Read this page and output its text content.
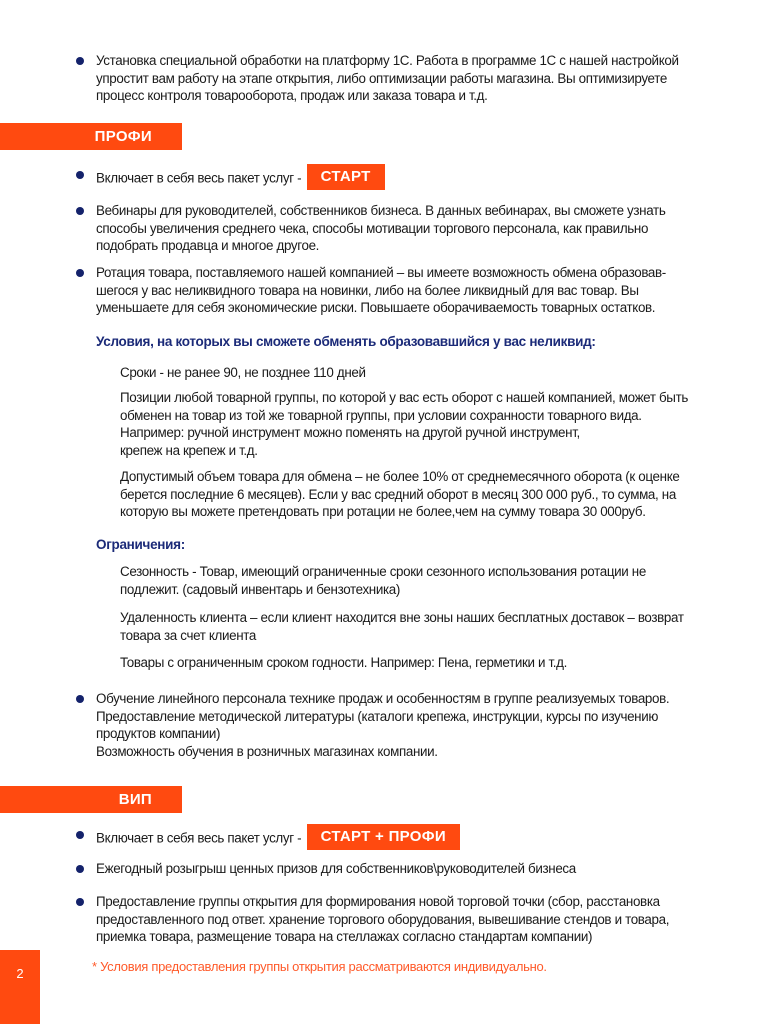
Установка специальной обработки на платформу 1С. Работа в программе 1С с нашей настройкой

упростит вам работу на этапе открытия, либо оптимизации работы магазина. Вы оптимизируете

процесс контроля товарооборота, продаж или заказа товара и т.д.

ПРОФИ
Включает в себя весь пакет услуг - СТАРТ

Вебинары для руководителей, собственников бизнеса. В данных вебинарах, вы сможете узнать

способы увеличения среднего чека, способы мотивации торгового персонала, как правильно

подобрать продавца и многое другое.

Ротация товара, поставляемого нашей компанией – вы имеете возможность обмена образовав-

шегося у вас неликвидного товара на новинки, либо на более ликвидный для вас товар. Вы

уменьшаете для себя экономические риски. Повышаете оборачиваемость товарных остатков.

Условия, на которых вы сможете обменять образовавшийся у вас неликвид:

Сроки - не ранее 90, не позднее 110 дней

Позиции любой товарной группы, по которой у вас есть оборот с нашей компанией, может быть

обменен на товар из той же товарной группы, при условии сохранности товарного вида.

Например: ручной инструмент можно поменять на другой ручной инструмент,

крепеж на крепеж и т.д.

Допустимый объем товара для обмена – не более 10% от среднемесячного оборота (к оценке

берется последние 6 месяцев). Если у вас средний оборот в месяц 300 000 руб., то сумма, на

которую вы можете претендовать при ротации не более,чем на сумму товара 30 000руб.

Ограничения:

Сезонность - Товар, имеющий ограниченные сроки сезонного использования ротации не

подлежит. (садовый инвентарь и бензотехника)

Удаленность клиента – если клиент находится вне зоны наших бесплатных доставок – возврат

товара за счет клиента

Товары с ограниченным сроком годности. Например: Пена, герметики и т.д.

Обучение линейного персонала технике продаж и особенностям в группе реализуемых товаров.

Предоставление методической литературы (каталоги крепежа, инструкции, курсы по изучению

продуктов компании)

Возможность обучения в розничных магазинах компании.

ВИП
Включает в себя весь пакет услуг - СТАРТ + ПРОФИ

Ежегодный розыгрыш ценных призов для собственников\руководителей бизнеса

Предоставление группы открытия для формирования новой торговой точки (сбор, расстановка

предоставленного под ответ. хранение торгового оборудования, вывешивание стендов и товара,

приемка товара, размещение товара на стеллажах согласно стандартам компании)

* Условия предоставления группы открытия рассматриваются индивидуально.
2
